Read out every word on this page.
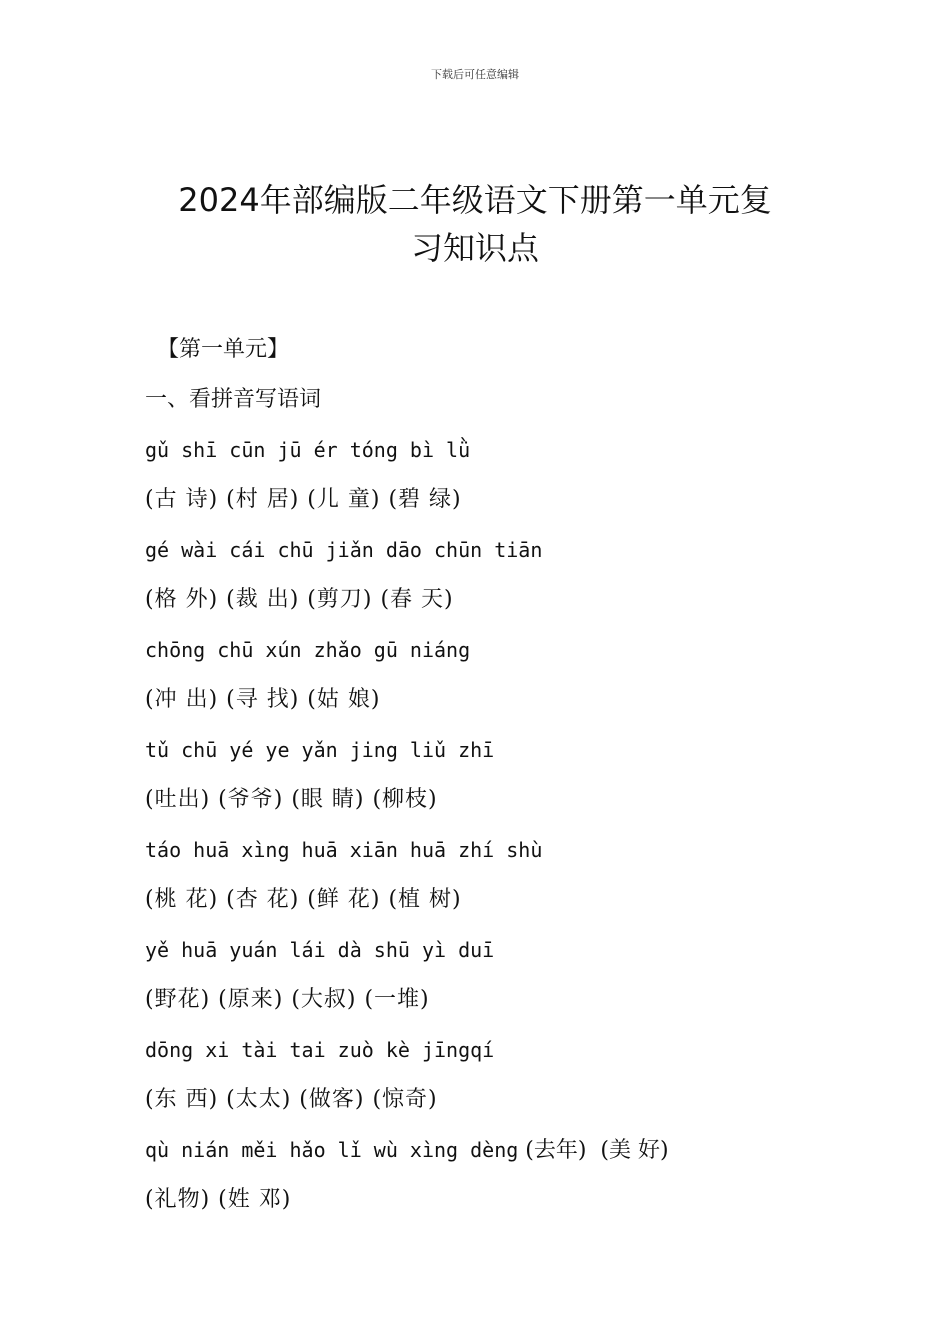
下载后可任意编辑
2024年部编版二年级语文下册第一单元复
习知识点
【第一单元】
一、看拼音写语词
gǔ shī cūn jū ér tóng bì lǜ
(古 诗) (村 居) (儿 童) (碧 绿)
gé wài cái chū jiǎn dāo chūn tiān
(格 外) (裁 出) (剪刀) (春 天)
chōng chū xún zhǎo gū niáng
(冲 出) (寻 找) (姑 娘)
tǔ chū yé ye yǎn jing liǔ zhī
(吐出) (爷爷) (眼 睛) (柳枝)
táo huā xìng huā xiān huā zhí shù
(桃 花) (杏 花) (鲜 花) (植 树)
yě huā yuán lái dà shū yì duī
(野花) (原来) (大叔) (一堆)
dōng xi tài tai zuò kè jīngqí
(东 西) (太太) (做客) (惊奇)
qù nián měi hǎo lǐ wù xìng dèng (去年)  (美 好)
(礼物) (姓 邓)
